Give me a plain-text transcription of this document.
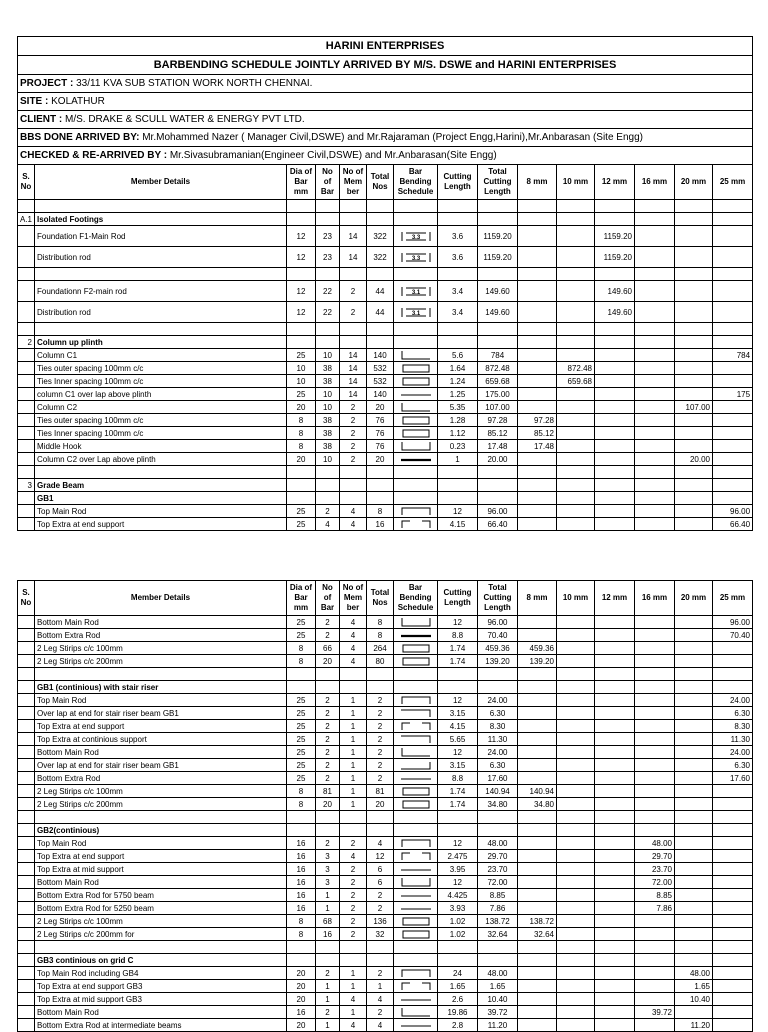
HARINI ENTERPRISES														
BARBENDING SCHEDULE JOINTLY ARRIVED BY M/S. DSWE and HARINI ENTERPRISES														
PROJECT : 33/11 KVA SUB STATION WORK NORTH CHENNAI.														
SITE : KOLATHUR														
CLIENT : M/S. DRAKE & SCULL WATER & ENERGY PVT LTD.														
BBS DONE ARRIVED BY: Mr.Mohammed Nazer ( Manager Civil,DSWE) and Mr.Rajaraman (Project Engg,Harini),Mr.Anbarasan (Site Engg)														
CHECKED & RE-ARRIVED BY : Mr.Sivasubramanian(Engineer Civil,DSWE) and Mr.Anbarasan(Site Engg)														
S. No	Member Details	Dia of Bar mm	No of Bar	No of Mem ber	Total Nos	Bar Bending Schedule	Cutting Length	Total Cutting Length	8 mm	10 mm	12 mm	16 mm	20 mm	25 mm

A.1	Isolated Footings													
	Foundation F1-Main Rod	12	23	14	322	3.3	3.6	1159.20			1159.20			
	Distribution rod	12	23	14	322	3.3	3.6	1159.20			1159.20			

	Foundationn F2-main rod	12	22	2	44	3.1	3.4	149.60			149.60			
	Distribution rod	12	22	2	44	3.1	3.4	149.60			149.60			

2	Column up plinth													
	Column C1	25	10	14	140		5.6	784						784
	Ties outer spacing 100mm c/c	10	38	14	532		1.64	872.48		872.48				
	Ties Inner spacing 100mm c/c	10	38	14	532		1.24	659.68		659.68				
	column C1 over lap above plinth	25	10	14	140		1.25	175.00						175
	Column C2	20	10	2	20		5.35	107.00					107.00	
	Ties outer spacing 100mm c/c	8	38	2	76		1.28	97.28	97.28					
	Ties Inner spacing 100mm c/c	8	38	2	76		1.12	85.12	85.12					
	Middle Hook	8	38	2	76		0.23	17.48	17.48					
	Column C2 over Lap above plinth	20	10	2	20		1	20.00					20.00	

3	Grade Beam													
	GB1													
	Top Main Rod	25	2	4	8		12	96.00						96.00
	Top Extra at end support	25	4	4	16		4.15	66.40						66.40
S. No	Member Details	Dia of Bar mm	No of Bar	No of Mem ber	Total Nos	Bar Bending Schedule	Cutting Length	Total Cutting Length	8 mm	10 mm	12 mm	16 mm	20 mm	25 mm
	Bottom Main Rod	25	2	4	8		12	96.00						96.00
	Bottom Extra Rod	25	2	4	8		8.8	70.40						70.40
	2 Leg Stirips c/c 100mm	8	66	4	264		1.74	459.36	459.36					
	2 Leg Stirips c/c 200mm	8	20	4	80		1.74	139.20	139.20					

	GB1 (continious) with stair riser													
	Top Main Rod	25	2	1	2		12	24.00						24.00
	Over lap at end for stair riser beam GB1	25	2	1	2		3.15	6.30						6.30
	Top Extra at end support	25	2	1	2		4.15	8.30						8.30
	Top Extra at continious support	25	2	1	2		5.65	11.30						11.30
	Bottom Main Rod	25	2	1	2		12	24.00						24.00
	Over lap at end for stair riser beam GB1	25	2	1	2		3.15	6.30						6.30
	Bottom Extra Rod	25	2	1	2		8.8	17.60						17.60
	2 Leg Stirips c/c 100mm	8	81	1	81		1.74	140.94	140.94					
	2 Leg Stirips c/c 200mm	8	20	1	20		1.74	34.80	34.80					

	GB2(continious)													
	Top Main Rod	16	2	2	4		12	48.00				48.00		
	Top Extra at end support	16	3	4	12		2.475	29.70				29.70		
	Top Extra at mid support	16	3	2	6		3.95	23.70				23.70		
	Bottom Main Rod	16	3	2	6		12	72.00				72.00		
	Bottom Extra Rod for 5750 beam	16	1	2	2		4.425	8.85				8.85		
	Bottom Extra Rod for 5250 beam	16	1	2	2		3.93	7.86				7.86		
	2 Leg Stirips c/c 100mm	8	68	2	136		1.02	138.72	138.72					
	2 Leg Stirips c/c 200mm for	8	16	2	32		1.02	32.64	32.64					

	GB3 continious on grid C													
	Top Main Rod including GB4	20	2	1	2		24	48.00					48.00	
	Top Extra at end support GB3	20	1	1	1		1.65	1.65					1.65	
	Top Extra at mid support GB3	20	1	4	4		2.6	10.40					10.40	
	Bottom Main Rod	16	2	1	2		19.86	39.72				39.72		
	Bottom Extra Rod at intermediate beams	20	1	4	4		2.8	11.20					11.20	
